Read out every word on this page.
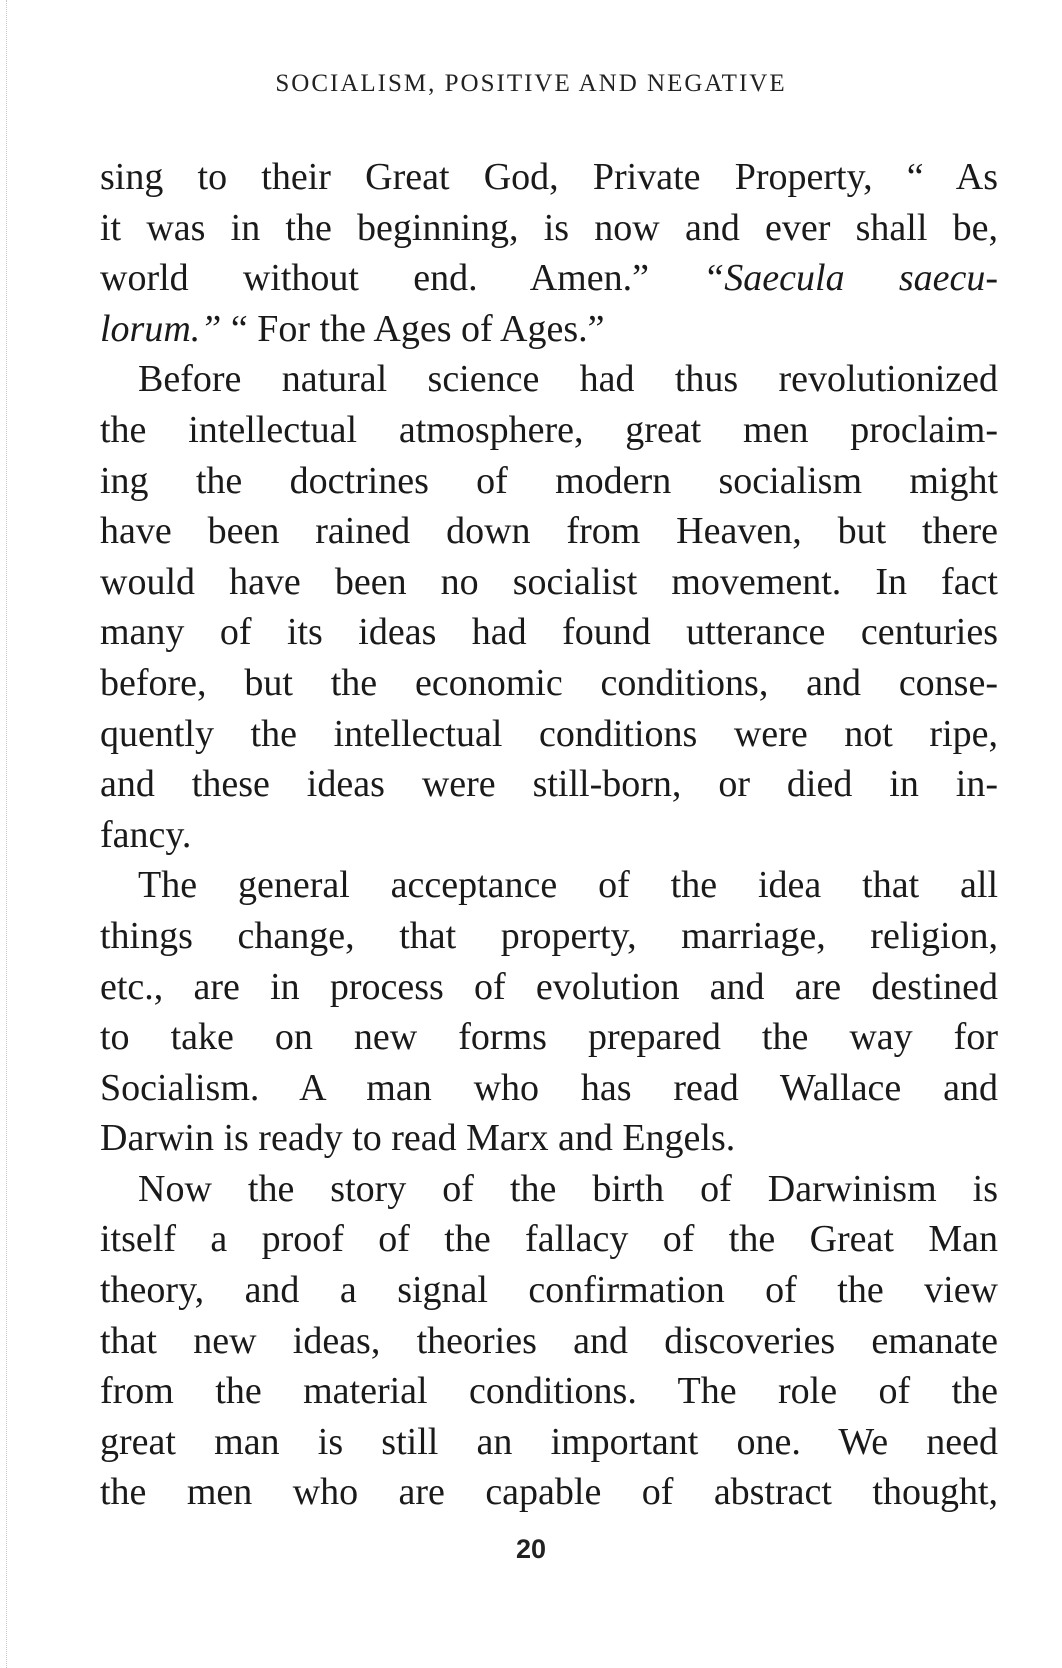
SOCIALISM, POSITIVE AND NEGATIVE
sing to their Great God, Private Property, “ As
it was in the beginning, is now and ever shall be,
world without end. Amen.” “Saecula saecu-
lorum.” “ For the Ages of Ages.”
Before natural science had thus revolutionized
the intellectual atmosphere, great men proclaim-
ing the doctrines of modern socialism might
have been rained down from Heaven, but there
would have been no socialist movement. In fact
many of its ideas had found utterance centuries
before, but the economic conditions, and conse-
quently the intellectual conditions were not ripe,
and these ideas were still-born, or died in in-
fancy.
The general acceptance of the idea that all
things change, that property, marriage, religion,
etc., are in process of evolution and are destined
to take on new forms prepared the way for
Socialism. A man who has read Wallace and
Darwin is ready to read Marx and Engels.
Now the story of the birth of Darwinism is
itself a proof of the fallacy of the Great Man
theory, and a signal confirmation of the view
that new ideas, theories and discoveries emanate
from the material conditions. The role of the
great man is still an important one. We need
the men who are capable of abstract thought,
20
